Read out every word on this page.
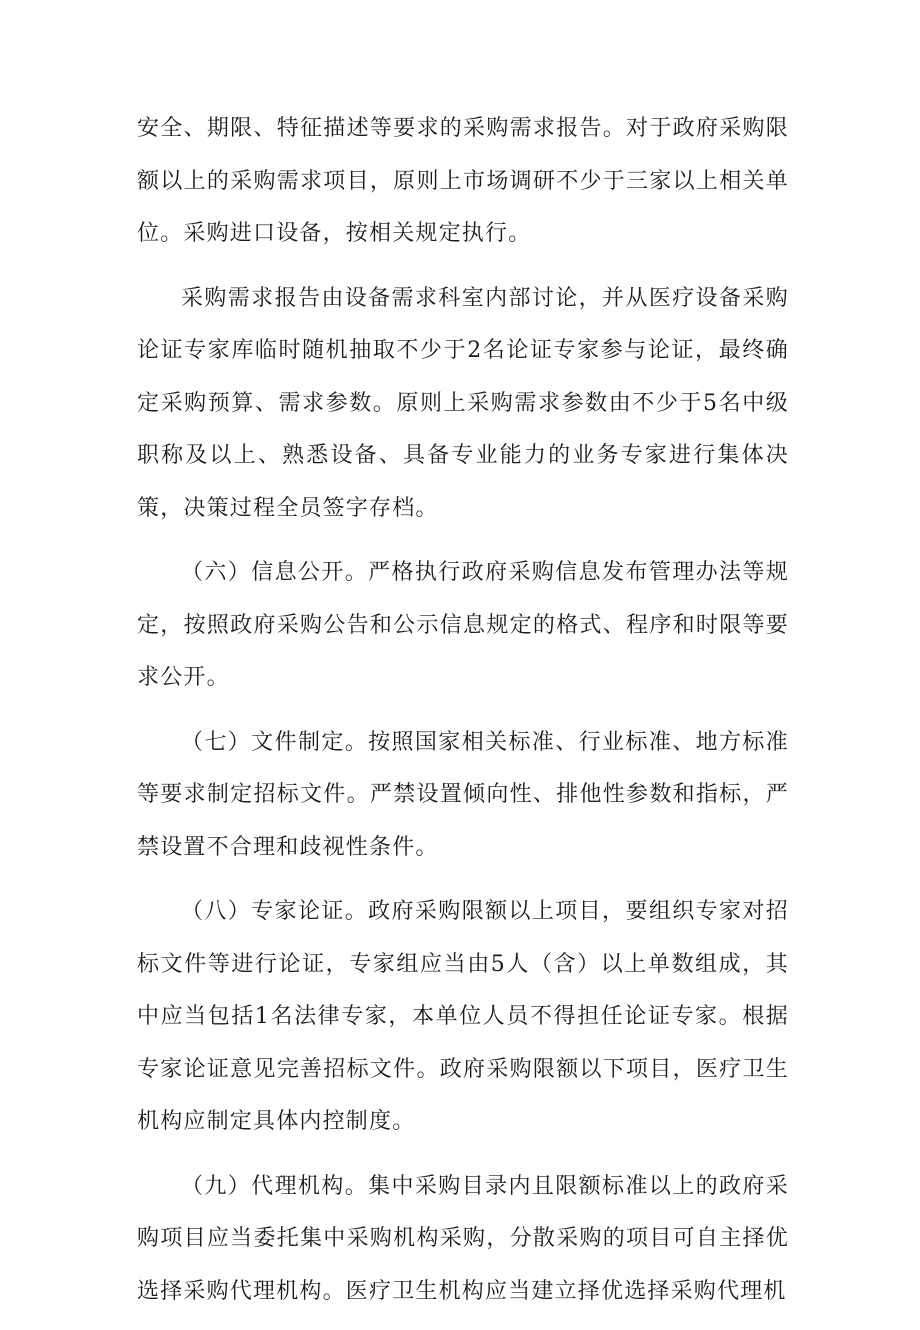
安全、期限、特征描述等要求的采购需求报告。对于政府采购限额以上的采购需求项目，原则上市场调研不少于三家以上相关单位。采购进口设备，按相关规定执行。

采购需求报告由设备需求科室内部讨论，并从医疗设备采购论证专家库临时随机抽取不少于2名论证专家参与论证，最终确定采购预算、需求参数。原则上采购需求参数由不少于5名中级职称及以上、熟悉设备、具备专业能力的业务专家进行集体决策，决策过程全员签字存档。

（六）信息公开。严格执行政府采购信息发布管理办法等规定，按照政府采购公告和公示信息规定的格式、程序和时限等要求公开。

（七）文件制定。按照国家相关标准、行业标准、地方标准等要求制定招标文件。严禁设置倾向性、排他性参数和指标，严禁设置不合理和歧视性条件。

（八）专家论证。政府采购限额以上项目，要组织专家对招标文件等进行论证，专家组应当由5人（含）以上单数组成，其中应当包括1名法律专家，本单位人员不得担任论证专家。根据专家论证意见完善招标文件。政府采购限额以下项目，医疗卫生机构应制定具体内控制度。

（九）代理机构。集中采购目录内且限额标准以上的政府采购项目应当委托集中采购机构采购，分散采购的项目可自主择优选择采购代理机构。医疗卫生机构应当建立择优选择采购代理机
